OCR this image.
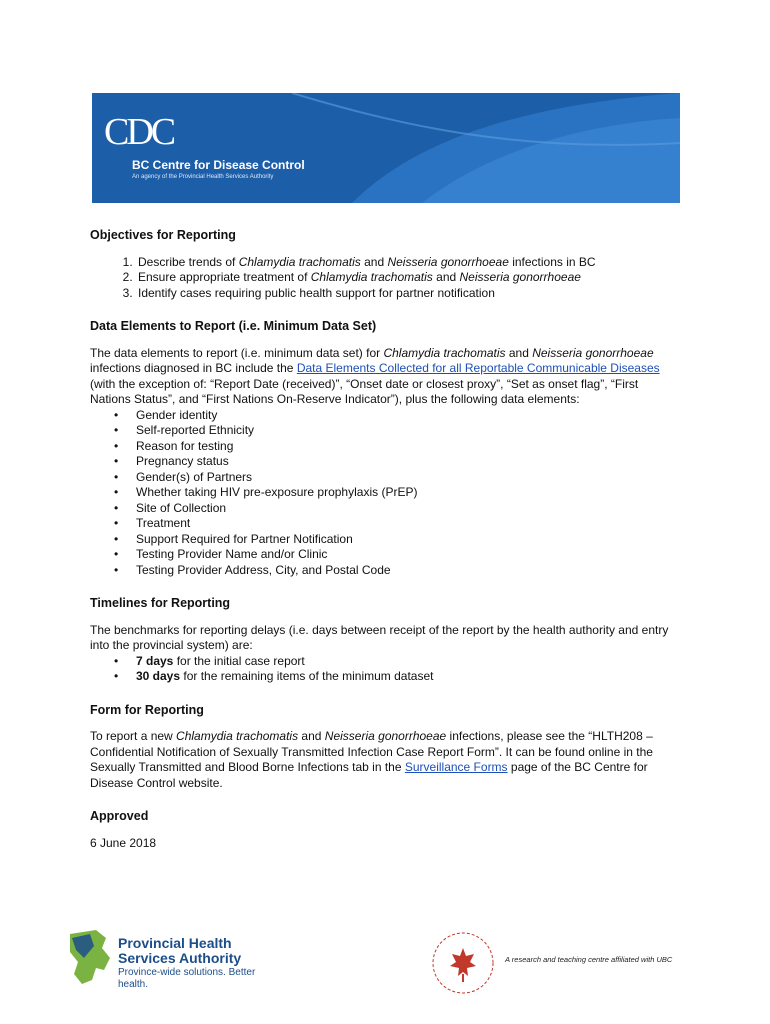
CDC
BC Centre for Disease Control
An agency of the Provincial Health Services Authority
Objectives for Reporting
1. Describe trends of Chlamydia trachomatis and Neisseria gonorrhoeae infections in BC
2. Ensure appropriate treatment of Chlamydia trachomatis and Neisseria gonorrhoeae
3. Identify cases requiring public health support for partner notification
Data Elements to Report (i.e. Minimum Data Set)

The data elements to report (i.e. minimum data set) for Chlamydia trachomatis and Neisseria gonorrhoeae infections diagnosed in BC include the Data Elements Collected for all Reportable Communicable Diseases (with the exception of: “Report Date (received)”, “Onset date or closest proxy”, “Set as onset flag”, “First Nations Status”, and “First Nations On-Reserve Indicator”), plus the following data elements:

• Gender identity
• Self-reported Ethnicity
• Reason for testing
• Pregnancy status
• Gender(s) of Partners
• Whether taking HIV pre-exposure prophylaxis (PrEP)
• Site of Collection
• Treatment
• Support Required for Partner Notification
• Testing Provider Name and/or Clinic
• Testing Provider Address, City, and Postal Code
Timelines for Reporting

The benchmarks for reporting delays (i.e. days between receipt of the report by the health authority and entry into the provincial system) are:

• 7 days for the initial case report
• 30 days for the remaining items of the minimum dataset
Form for Reporting

To report a new Chlamydia trachomatis and Neisseria gonorrhoeae infections, please see the “HLTH208 – Confidential Notification of Sexually Transmitted Infection Case Report Form”. It can be found online in the Sexually Transmitted and Blood Borne Infections tab in the Surveillance Forms page of the BC Centre for Disease Control website.

Approved

6 June 2018

Provincial Health Services Authority
Province-wide solutions. Better health.
A research and teaching centre affiliated with UBC
